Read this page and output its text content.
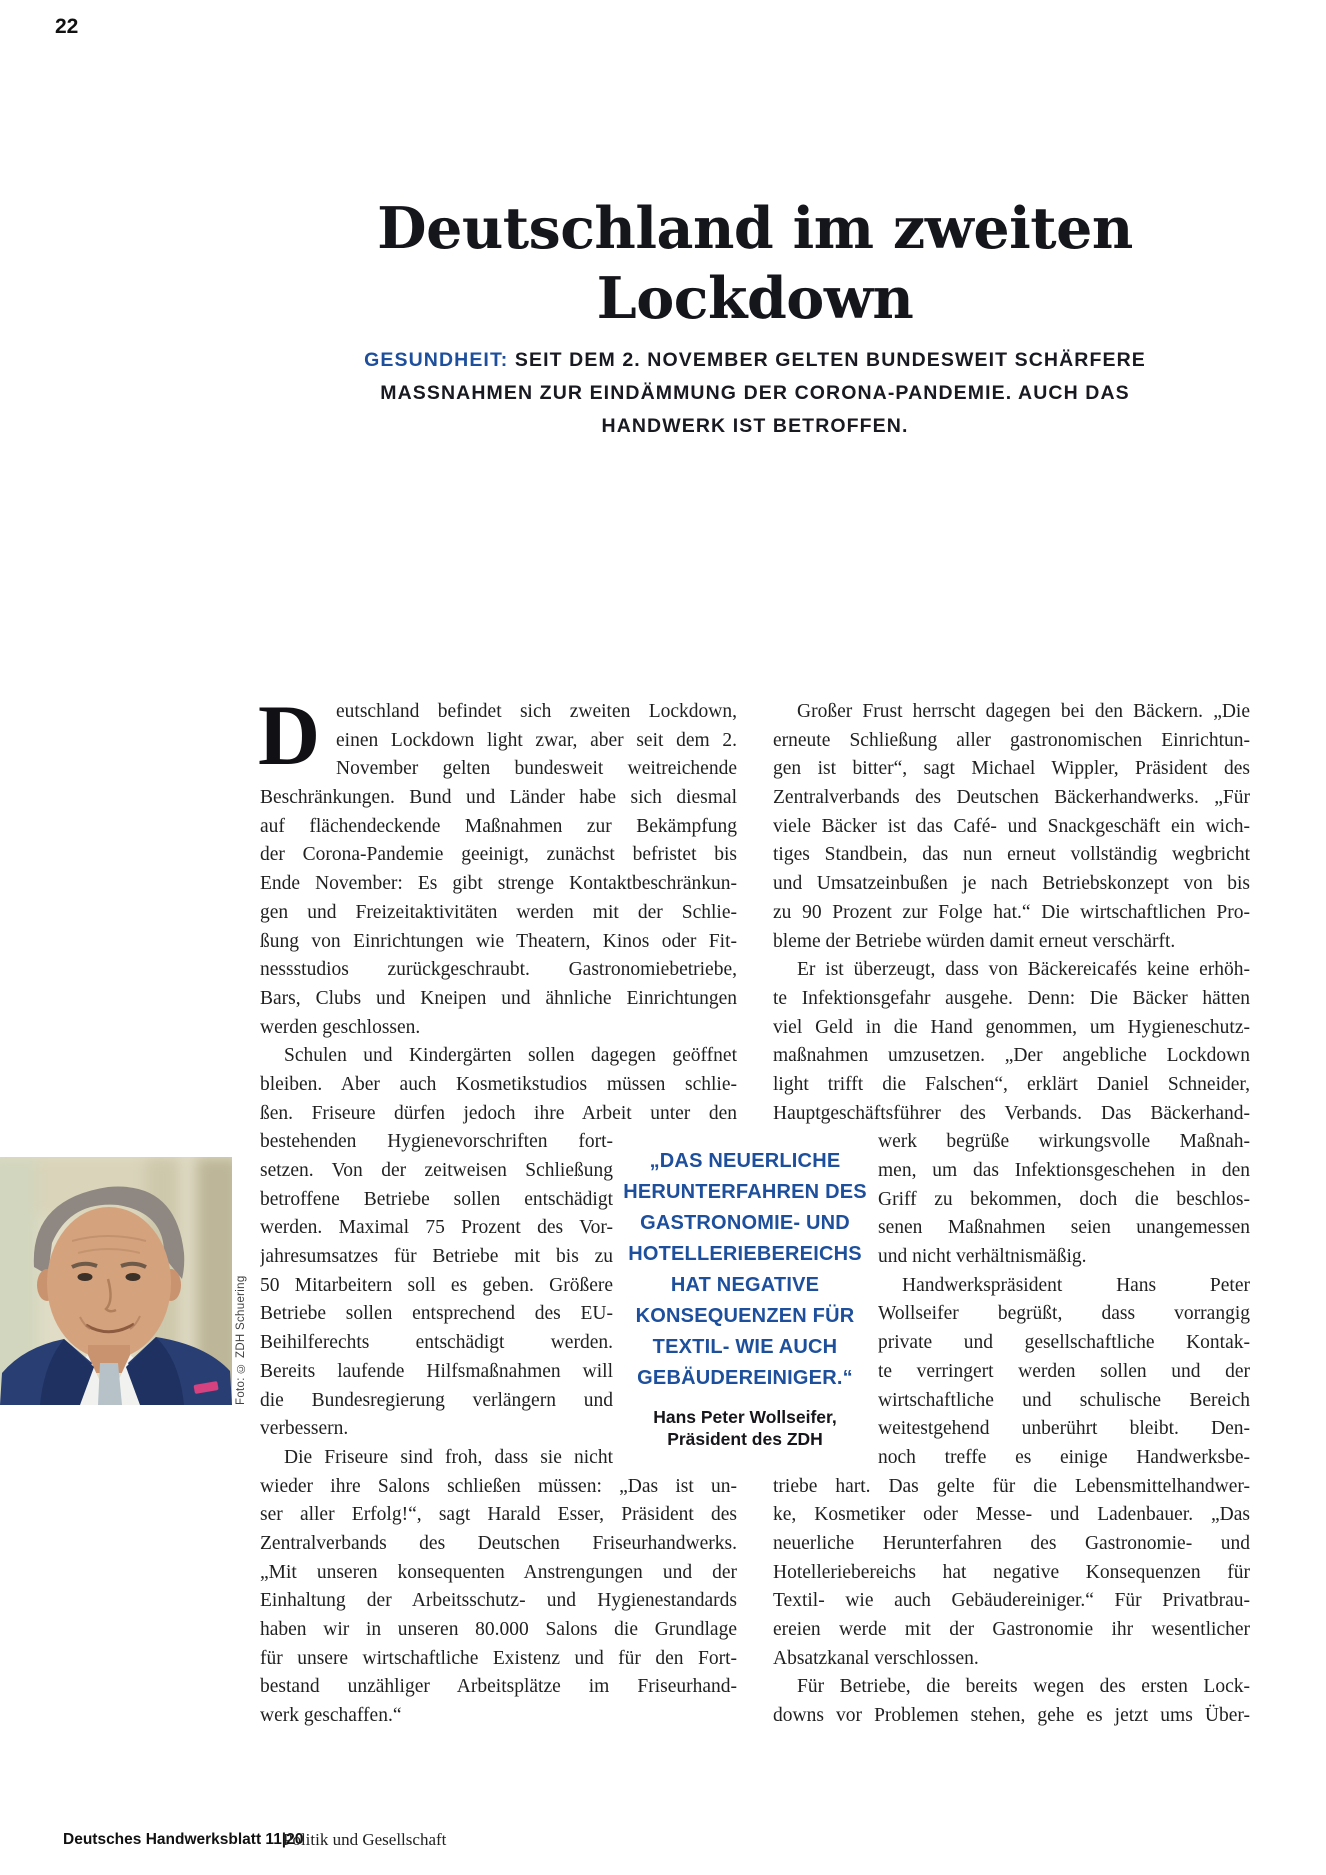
22
Deutschland im zweiten
Lockdown
GESUNDHEIT: SEIT DEM 2. NOVEMBER GELTEN BUNDESWEIT SCHÄRFERE
MASSNAHMEN ZUR EINDÄMMUNG DER CORONA-PANDEMIE. AUCH DAS
HANDWERK IST BETROFFEN.
D eutschland befindet sich zweiten Lockdown,
einen Lockdown light zwar, aber seit dem 2.
November gelten bundesweit weitreichende
Beschränkungen. Bund und Länder habe sich diesmal
auf flächendeckende Maßnahmen zur Bekämpfung
der Corona-Pandemie geeinigt, zunächst befristet bis
Ende November: Es gibt strenge Kontaktbeschränkun-
gen und Freizeitaktivitäten werden mit der Schlie-
ßung von Einrichtungen wie Theatern, Kinos oder Fit-
nessstudios zurückgeschraubt. Gastronomiebetriebe,
Bars, Clubs und Kneipen und ähnliche Einrichtungen
werden geschlossen.
Schulen und Kindergärten sollen dagegen geöffnet
bleiben. Aber auch Kosmetikstudios müssen schlie-
ßen. Friseure dürfen jedoch ihre Arbeit unter den
bestehenden Hygienevorschriften fort-
setzen. Von der zeitweisen Schließung
betroffene Betriebe sollen entschädigt
werden. Maximal 75 Prozent des Vor-
jahresumsatzes für Betriebe mit bis zu
50 Mitarbeitern soll es geben. Größere
Betriebe sollen entsprechend des EU-
Beihilferechts entschädigt werden.
Bereits laufende Hilfsmaßnahmen will
die Bundesregierung verlängern und
verbessern.
Die Friseure sind froh, dass sie nicht
wieder ihre Salons schließen müssen: „Das ist un-
ser aller Erfolg!“, sagt Harald Esser, Präsident des
Zentralverbands des Deutschen Friseurhandwerks.
„Mit unseren konsequenten Anstrengungen und der
Einhaltung der Arbeitsschutz- und Hygienestandards
haben wir in unseren 80.000 Salons die Grundlage
für unsere wirtschaftliche Existenz und für den Fort-
bestand unzähliger Arbeitsplätze im Friseurhand-
werk geschaffen.“
Großer Frust herrscht dagegen bei den Bäckern. „Die
erneute Schließung aller gastronomischen Einrichtun-
gen ist bitter“, sagt Michael Wippler, Präsident des
Zentralverbands des Deutschen Bäckerhandwerks. „Für
viele Bäcker ist das Café- und Snackgeschäft ein wich-
tiges Standbein, das nun erneut vollständig wegbricht
und Umsatzeinbußen je nach Betriebskonzept von bis
zu 90 Prozent zur Folge hat.“ Die wirtschaftlichen Pro-
bleme der Betriebe würden damit erneut verschärft.
Er ist überzeugt, dass von Bäckereicafés keine erhöh-
te Infektionsgefahr ausgehe. Denn: Die Bäcker hätten
viel Geld in die Hand genommen, um Hygieneschutz-
maßnahmen umzusetzen. „Der angebliche Lockdown
light trifft die Falschen“, erklärt Daniel Schneider,
Hauptgeschäftsführer des Verbands. Das Bäckerhand-
werk begrüße wirkungsvolle Maßnah-
men, um das Infektionsgeschehen in den
Griff zu bekommen, doch die beschlos-
senen Maßnahmen seien unangemessen
und nicht verhältnismäßig.
Handwerkspräsident Hans Peter
Wollseifer begrüßt, dass vorrangig
private und gesellschaftliche Kontak-
te verringert werden sollen und der
wirtschaftliche und schulische Bereich
weitestgehend unberührt bleibt. Den-
noch treffe es einige Handwerksbe-
triebe hart. Das gelte für die Lebensmittelhandwer-
ke, Kosmetiker oder Messe- und Ladenbauer. „Das
neuerliche Herunterfahren des Gastronomie- und
Hotelleriebereichs hat negative Konsequenzen für
Textil- wie auch Gebäudereiniger.“ Für Privatbrau-
ereien werde mit der Gastronomie ihr wesentlicher
Absatzkanal verschlossen.
Für Betriebe, die bereits wegen des ersten Lock-
downs vor Problemen stehen, gehe es jetzt ums Über-
„DAS NEUERLICHE
HERUNTERFAHREN DES
GASTRONOMIE- UND
HOTELLERIEBEREICHS
HAT NEGATIVE
KONSEQUENZEN FÜR
TEXTIL- WIE AUCH
GEBÄUDEREINIGER.“
Hans Peter Wollseifer,
Präsident des ZDH
Foto: © ZDH Schuering
Deutsches Handwerksblatt 11|20
Politik und Gesellschaft
